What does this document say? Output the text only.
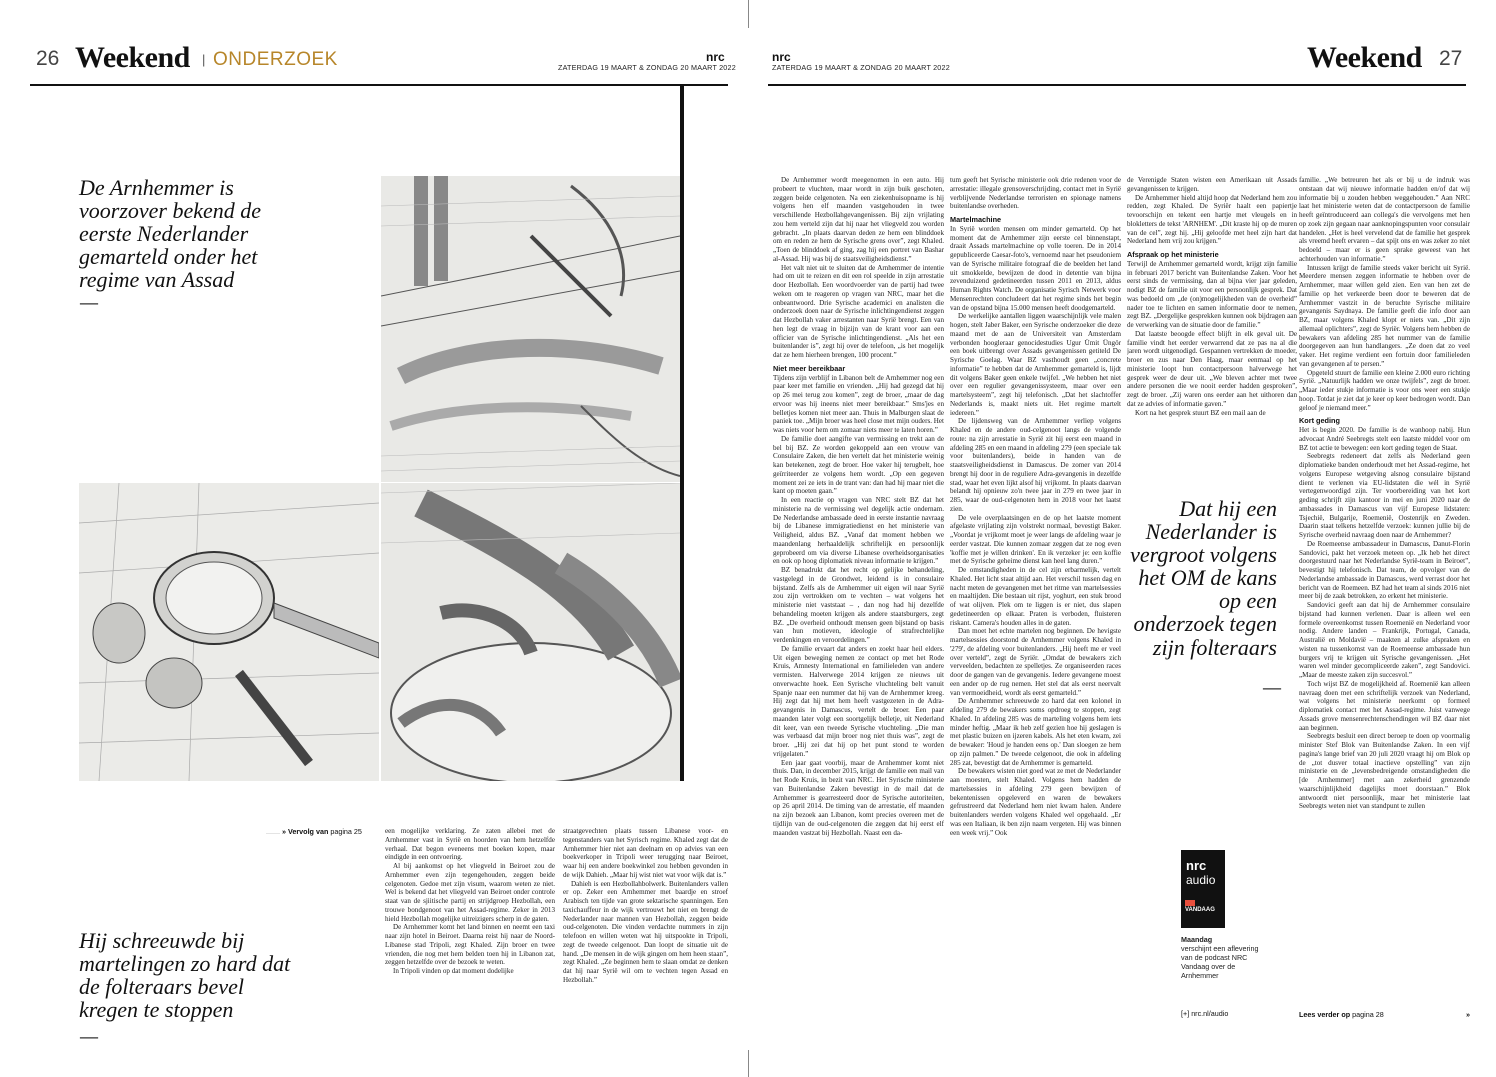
26 Weekend | ONDERZOEK	nrc
ZATERDAG 19 MAART & ZONDAG 20 MAART 2022
De Arnhemmer is voorzover bekend de eerste Nederlander gemarteld onder het regime van Assad
—
....... » Vervolg van pagina 25
Hij schreeuwde bij martelingen zo hard dat de folteraars bevel kregen te stoppen
—

een mogelijke verklaring. Ze zaten allebei met de Arnhemmer vast in Syrië en hoorden van hem hetzelfde verhaal. Dat begon eveneens met boeken kopen, maar eindigde in een ontvoering.

Al bij aankomst op het vliegveld in Beiroet zou de Arnhemmer even zijn tegengehouden, zeggen beide celgenoten. Gedoe met zijn visum, waarom weten ze niet. Wel is bekend dat het vliegveld van Beiroet onder controle staat van de sjiitische partij en strijdgroep Hezbollah, een trouwe bondgenoot van het Assad-regime. Zeker in 2013 hield Hezbollah mogelijke uitreizigers scherp in de gaten.

De Arnhemmer komt het land binnen en neemt een taxi naar zijn hotel in Beiroet. Daarna reist hij naar de Noord-Libanese stad Tripoli, zegt Khaled. Zijn broer en twee vrienden, die nog met hem belden toen hij in Libanon zat, zeggen hetzelfde over de bezoek te weten.

In Tripoli vinden op dat moment dodelijke

straatgevechten plaats tussen Libanese voor- en tegenstanders van het Syrisch regime. Khaled zegt dat de Arnhemmer hier niet aan deelnam en op advies van een boekverkoper in Tripoli weer terugging naar Beiroet, waar hij een andere boekwinkel zou hebben gevonden in de wijk Dahieh. „Maar hij wist niet wat voor wijk dat is.”

Dahieh is een Hezbollahbolwerk. Buitenlanders vallen er op. Zeker een Arnhemmer met baardje en stroef Arabisch ten tijde van grote sektarische spanningen. Een taxichauffeur in de wijk vertrouwt het niet en brengt de Nederlander naar mannen van Hezbollah, zeggen beide oud-celgenoten. Die vinden verdachte nummers in zijn telefoon en willen weten wat hij uitspookte in Tripoli, zegt de tweede celgenoot. Dan loopt de situatie uit de hand. „De mensen in de wijk gingen om hem heen staan”, zegt Khaled. „Ze beginnen hem te slaan omdat ze denken dat hij naar Syrië wil om te vechten tegen Assad en Hezbollah.”

nrc
ZATERDAG 19 MAART & ZONDAG 20 MAART 2022	Weekend 27

De Arnhemmer wordt meegenomen in een auto. Hij probeert te vluchten, maar wordt in zijn buik geschoten, zeggen beide celgenoten. Na een ziekenhuisopname is hij volgens hen elf maanden vastgehouden in twee verschillende Hezbollahgevangenissen. Bij zijn vrijlating zou hem verteld zijn dat hij naar het vliegveld zou worden gebracht. „In plaats daarvan deden ze hem een blinddoek om en reden ze hem de Syrische grens over”, zegt Khaled. „Toen de blinddoek af ging, zag hij een portret van Bashar al-Assad. Hij was bij de staatsveiligheidsdienst.”

Het valt niet uit te sluiten dat de Arnhemmer de intentie had om uit te reizen en dit een rol speelde in zijn arrestatie door Hezbollah. Een woordvoerder van de partij had twee weken om te reageren op vragen van NRC, maar het die onbeantwoord. Drie Syrische academici en analisten die onderzoek doen naar de Syrische inlichtingendienst zeggen dat Hezbollah vaker arrestanten naar Syrië brengt. Een van hen legt de vraag in bijzijn van de krant voor aan een officier van de Syrische inlichtingendienst. „Als het een buitenlander is”, zegt hij over de telefoon, „is het mogelijk dat ze hem hierheen brengen, 100 procent.”

Niet meer bereikbaar

Tijdens zijn verblijf in Libanon belt de Arnhemmer nog een paar keer met familie en vrienden. „Hij had gezegd dat hij op 26 mei terug zou komen”, zegt de broer, „maar de dag ervoor was hij ineens niet meer bereikbaar.” Sms'jes en belletjes komen niet meer aan. Thuis in Malburgen slaat de paniek toe. „Mijn broer was heel close met mijn ouders. Het was niets voor hem om zomaar niets meer te laten horen.”

De familie doet aangifte van vermissing en trekt aan de bel bij BZ. Ze worden gekoppeld aan een vrouw van Consulaire Zaken, die hen vertelt dat het ministerie weinig kan betekenen, zegt de broer. Hoe vaker hij terugbelt, hoe geïrriteerder ze volgens hem wordt. „Op een gegeven moment zei ze iets in de trant van: dan had hij maar niet die kant op moeten gaan.”

In een reactie op vragen van NRC stelt BZ dat het ministerie na de vermissing wel degelijk actie ondernam. De Nederlandse ambassade deed in eerste instantie navraag bij de Libanese immigratiedienst en het ministerie van Veiligheid, aldus BZ. „Vanaf dat moment hebben we maandenlang herhaaldelijk schriftelijk en persoonlijk geprobeerd om via diverse Libanese overheidsorganisaties en ook op hoog diplomatiek niveau informatie te krijgen.”

BZ benadrukt dat het recht op gelijke behandeling, vastgelegd in de Grondwet, leidend is in consulaire bijstand. Zelfs als de Arnhemmer uit eigen wil naar Syrië zou zijn vertrokken om te vechten – wat volgens het ministerie niet vaststaat – , dan nog had hij dezelfde behandeling moeten krijgen als andere staatsburgers, zegt BZ. „De overheid onthoudt mensen geen bijstand op basis van hun motieven, ideologie of strafrechtelijke verdenkingen en veroordelingen.”

De familie ervaart dat anders en zoekt haar heil elders. Uit eigen beweging nemen ze contact op met het Rode Kruis, Amnesty International en familieleden van andere vermisten. Halverwege 2014 krijgen ze nieuws uit onverwachte hoek. Een Syrische vluchteling belt vanuit Spanje naar een nummer dat hij van de Arnhemmer kreeg. Hij zegt dat hij met hem heeft vastgezeten in de Adra-gevangenis in Damascus, vertelt de broer. Een paar maanden later volgt een soortgelijk belletje, uit Nederland dit keer, van een tweede Syrische vluchteling. „Die man was verbaasd dat mijn broer nog niet thuis was”, zegt de broer. „Hij zei dat hij op het punt stond te worden vrijgelaten.”

Een jaar gaat voorbij, maar de Arnhemmer komt niet thuis. Dan, in december 2015, krijgt de familie een mail van het Rode Kruis, in bezit van NRC. Het Syrische ministerie van Buitenlandse Zaken bevestigt in de mail dat de Arnhemmer is gearresteerd door de Syrische autoriteiten, op 26 april 2014. De timing van de arrestatie, elf maanden na zijn bezoek aan Libanon, komt precies overeen met de tijdlijn van de oud-celgenoten die zeggen dat hij eerst elf maanden vastzat bij Hezbollah. Naast een da-

tum geeft het Syrische ministerie ook drie redenen voor de arrestatie: illegale grensoverschrijding, contact met in Syrië verblijvende Nederlandse terroristen en spionage namens buitenlandse overheden.

Martelmachine

In Syrië worden mensen om minder gemarteld. Op het moment dat de Arnhemmer zijn eerste cel binnenstapt, draait Assads martelmachine op volle toeren. De in 2014 gepubliceerde Caesar-foto's, vernoemd naar het pseudoniem van de Syrische militaire fotograaf die de beelden het land uit smokkelde, bewijzen de dood in detentie van bijna zevenduizend gedetineerden tussen 2011 en 2013, aldus Human Rights Watch. De organisatie Syrisch Netwerk voor Mensenrechten concludeert dat het regime sinds het begin van de opstand bijna 15.000 mensen heeft doodgemarteld.

De werkelijke aantallen liggen waarschijnlijk vele malen hogen, stelt Jaber Baker, een Syrische onderzoeker die deze maand met de aan de Universiteit van Amsterdam verbonden hoogleraar genocidestudies Ugur Ümit Üngör een boek uitbrengt over Assads gevangenissen getiteld De Syrische Goelag. Waar BZ vasthoudt geen „concrete informatie” te hebben dat de Arnhemmer gemarteld is, lijdt dit volgens Baker geen enkele twijfel. „We hebben het niet over een regulier gevangenissysteem, maar over een martelsysteem”, zegt hij telefonisch. „Dat het slachtoffer Nederlands is, maakt niets uit. Het regime martelt iedereen.”

De lijdensweg van de Arnhemmer verliep volgens Khaled en de andere oud-celgenoot langs de volgende route: na zijn arrestatie in Syrië zit hij eerst een maand in afdeling 285 en een maand in afdeling 279 (een speciale tak voor buitenlanders), beide in handen van de staatsveiligheidsdienst in Damascus. De zomer van 2014 brengt hij door in de reguliere Adra-gevangenis in dezelfde stad, waar het even lijkt alsof hij vrijkomt. In plaats daarvan belandt hij opnieuw zo'n twee jaar in 279 en twee jaar in 285, waar de oud-celgenoten hem in 2018 voor het laatst zien.

De vele overplaatsingen en de op het laatste moment afgelaste vrijlating zijn volstrekt normaal, bevestigt Baker. „Voordat je vrijkomt moet je weer langs de afdeling waar je eerder vastzat. Die kunnen zomaar zeggen dat ze nog even 'koffie met je willen drinken'. En ik verzeker je: een koffie met de Syrische geheime dienst kan heel lang duren.”

De omstandigheden in de cel zijn erbarmelijk, vertelt Khaled. Het licht staat altijd aan. Het verschil tussen dag en nacht meten de gevangenen met het ritme van martelsessies en maaltijden. Die bestaan uit rijst, yoghurt, een stuk brood of wat olijven. Plek om te liggen is er niet, dus slapen gedetineerden op elkaar. Praten is verboden, fluisteren riskant. Camera's houden alles in de gaten.

Dan moet het echte martelen nog beginnen. De hevigste martelsessies doorstond de Arnhemmer volgens Khaled in '279', de afdeling voor buitenlanders. „Hij heeft me er veel over verteld”, zegt de Syriër. „Omdat de bewakers zich verveelden, bedachten ze spelletjes. Ze organiseerden races door de gangen van de gevangenis. Iedere gevangene moest een ander op de rug nemen. Het stel dat als eerst neervalt van vermoeidheid, wordt als eerst gemarteld.”

De Arnhemmer schreeuwde zo hard dat een kolonel in afdeling 279 de bewakers soms opdroeg te stoppen, zegt Khaled. In afdeling 285 was de marteling volgens hem iets minder heftig. „Maar ik heb zelf gezien hoe hij geslagen is met plastic buizen en ijzeren kabels. Als het eten kwam, zei de bewaker: 'Houd je handen eens op.' Dan sloegen ze hem op zijn palmen.” De tweede celgenoot, die ook in afdeling 285 zat, bevestigt dat de Arnhemmer is gemarteld.

De bewakers wisten niet goed wat ze met de Nederlander aan moesten, stelt Khaled. Volgens hem hadden de martelsessies in afdeling 279 geen bewijzen of bekentenissen opgeleverd en waren de bewakers gefrustreerd dat Nederland hem niet kwam halen. Andere buitenlanders werden volgens Khaled wel opgehaald. „Er was een Italiaan, ik ben zijn naam vergeten. Hij was binnen een week vrij.” Ook

de Verenigde Staten wisten een Amerikaan uit Assads gevangenissen te krijgen.

De Arnhemmer hield altijd hoop dat Nederland hem zou redden, zegt Khaled. De Syriër haalt een papiertje tevoorschijn en tekent een hartje met vleugels en in blokletters de tekst 'ARNHEM'. „Dit kraste hij op de muren van de cel”, zegt hij. „Hij geloofde met heel zijn hart dat Nederland hem vrij zou krijgen.”

Afspraak op het ministerie

Terwijl de Arnhemmer gemarteld wordt, krijgt zijn familie in februari 2017 bericht van Buitenlandse Zaken. Voor het eerst sinds de vermissing, dan al bijna vier jaar geleden, nodigt BZ de familie uit voor een persoonlijk gesprek. Dat was bedoeld om „de (on)mogelijkheden van de overheid” nader toe te lichten en samen informatie door te nemen, zegt BZ. „Dergelijke gesprekken kunnen ook bijdragen aan de verwerking van de situatie door de familie.”

Dat laatste beoogde effect blijft in elk geval uit. De familie vindt het eerder verwarrend dat ze pas na al die jaren wordt uitgenodigd. Gespannen vertrekken de moeder, broer en zus naar Den Haag, maar eenmaal op het ministerie loopt hun contactpersoon halverwege het gesprek weer de deur uit. „We bleven achter met twee andere personen die we nooit eerder hadden gesproken”, zegt de broer. „Zij waren ons eerder aan het uithoren dan dat ze advies of informatie gaven.”

Kort na het gesprek stuurt BZ een mail aan de

familie. „We betreuren het als er bij u de indruk was ontstaan dat wij nieuwe informatie hadden en/of dat wij informatie bij u zouden hebben weggehouden.” Aan NRC laat het ministerie weten dat de contactpersoon de familie heeft geïntroduceerd aan collega's die vervolgens met hen op zoek zijn gegaan naar aanknopingspunten voor consulair handelen. „Het is heel vervelend dat de familie het gesprek als vreemd heeft ervaren – dat spijt ons en was zeker zo niet bedoeld – maar er is geen sprake geweest van het achterhouden van informatie.”

Intussen krijgt de familie steeds vaker bericht uit Syrië. Meerdere mensen zeggen informatie te hebben over de Arnhemmer, maar willen geld zien. Een van hen zet de familie op het verkeerde been door te beweren dat de Arnhemmer vastzit in de beruchte Syrische militaire gevangenis Saydnaya. De familie geeft die info door aan BZ, maar volgens Khaled klopt er niets van. „Dit zijn allemaal oplichters”, zegt de Syriër. Volgens hem hebben de bewakers van afdeling 285 het nummer van de familie doorgegeven aan hun handlangers. „Ze doen dat zo veel vaker. Het regime verdient een fortuin door familieleden van gevangenen af te persen.”

Opgeteld stuurt de familie een kleine 2.000 euro richting Syrië. „Natuurlijk hadden we onze twijfels”, zegt de broer. „Maar ieder stukje informatie is voor ons weer een stukje hoop. Totdat je ziet dat je keer op keer bedrogen wordt. Dan geloof je niemand meer.”

Kort geding

Het is begin 2020. De familie is de wanhoop nabij. Hun advocaat André Seebregts stelt een laatste middel voor om BZ tot actie te bewegen: een kort geding tegen de Staat.

Seebregts redeneert dat zelfs als Nederland geen diplomatieke banden onderhoudt met het Assad-regime, het volgens Europese wetgeving alsnog consulaire bijstand dient te verlenen via EU-lidstaten die wél in Syrië vertegenwoordigd zijn. Ter voorbereiding van het kort geding schrijft zijn kantoor in mei en juni 2020 naar de ambassades in Damascus van vijf Europese lidstaten: Tsjechië, Bulgarije, Roemenië, Oostenrijk en Zweden. Daarin staat telkens hetzelfde verzoek: kunnen jullie bij de Syrische overheid navraag doen naar de Arnhemmer?

De Roemeense ambassadeur in Damascus, Danut-Florin Sandovici, pakt het verzoek meteen op. „Ik heb het direct doorgestuurd naar het Nederlandse Syrië-team in Beiroet”, bevestigt hij telefonisch. Dat team, de opvolger van de Nederlandse ambassade in Damascus, werd verrast door het bericht van de Roemeen. BZ had het team al sinds 2016 niet meer bij de zaak betrokken, zo erkent het ministerie.

Sandovici geeft aan dat hij de Arnhemmer consulaire bijstand had kunnen verlenen. Daar is alleen wel een formele overeenkomst tussen Roemenië en Nederland voor nodig. Andere landen – Frankrijk, Portugal, Canada, Australië en Moldavië – maakten al zulke afspraken en wisten na tussenkomst van de Roemeense ambassade hun burgers vrij te krijgen uit Syrische gevangenissen. „Het waren wel minder gecompliceerde zaken”, zegt Sandovici. „Maar de meeste zaken zijn succesvol.”

Toch wijst BZ de mogelijkheid af. Roemenië kan alleen navraag doen met een schriftelijk verzoek van Nederland, wat volgens het ministerie neerkomt op formeel diplomatiek contact met het Assad-regime. Juist vanwege Assads grove mensenrechtenschendingen wil BZ daar niet aan beginnen.

Seebregts besluit een direct beroep te doen op voormalig minister Stef Blok van Buitenlandse Zaken. In een vijf pagina's lange brief van 20 juli 2020 vraagt hij om Blok op de „tot dusver totaal inactieve opstelling” van zijn ministerie en de „levensbedreigende omstandigheden die [de Arnhemmer] met aan zekerheid grenzende waarschijnlijkheid dagelijks moet doorstaan.” Blok antwoordt niet persoonlijk, maar het ministerie laat Seebregts weten niet van standpunt te zullen

Dat hij een Nederlander is vergroot volgens het OM de kans op een onderzoek tegen zijn folteraars
—
nrc
audio
VANDAAG
Maandag
verschijnt een aflevering van de podcast NRC Vandaag over de Arnhemmer
[+] nrc.nl/audio	Lees verder op pagina 28	»
